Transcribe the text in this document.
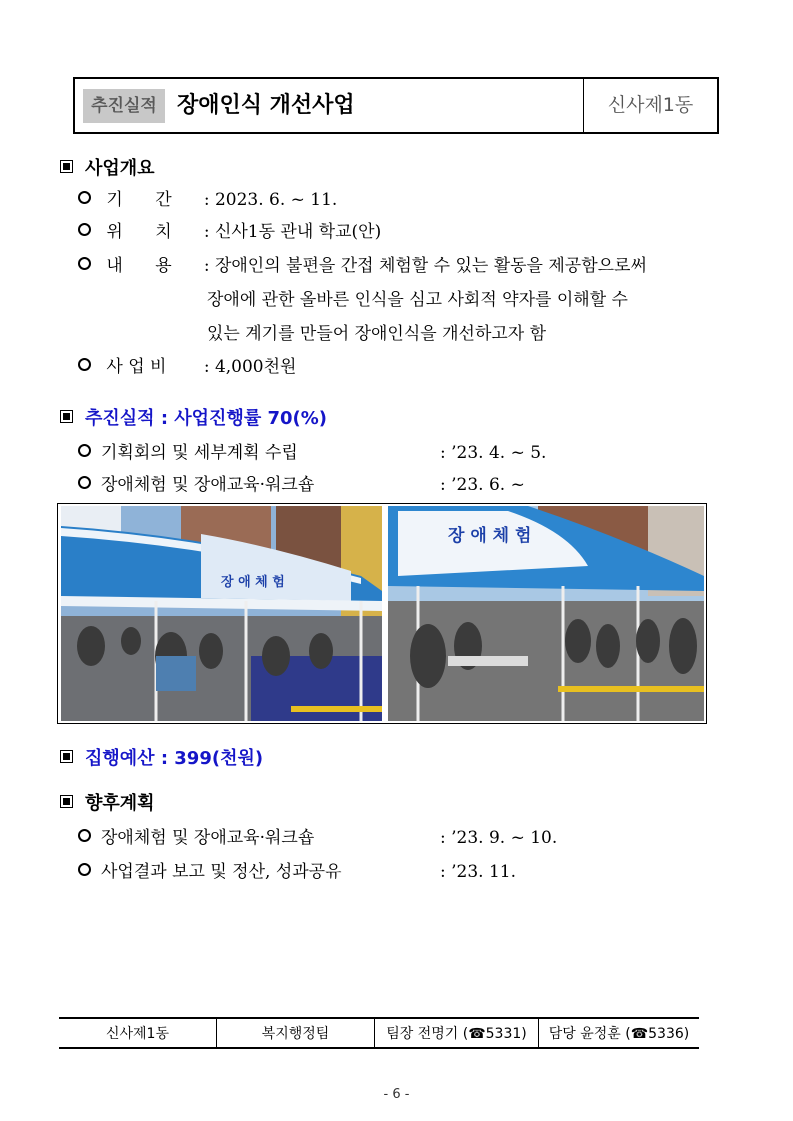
추진실적 장애인식 개선사업	신사제1동
사업개요
기      간 : 2023. 6. ~ 11.
위      치 : 신사1동 관내 학교(안)
내      용 : 장애인의 불편을 간접 체험할 수 있는 활동을 제공함으로써
장애에 관한 올바른 인식을 심고 사회적 약자를 이해할 수
있는 계기를 만들어 장애인식을 개선하고자 함
사 업 비 : 4,000천원
추진실적 : 사업진행률 70(%)
기획회의 및 세부계획 수립	: ’23. 4. ~ 5.
장애체험 및 장애교육·워크숍	: ’23. 6. ~
장 애 체 험
장 애 체 험
집행예산 : 399(천원)
향후계획
장애체험 및 장애교육·워크숍	: ’23. 9. ~ 10.
사업결과 보고 및 정산, 성과공유	: ’23. 11.
신사제1동	복지행정팀	팀장 전명기 (☎5331)	담당 윤정훈 (☎5336)
- 6 -
